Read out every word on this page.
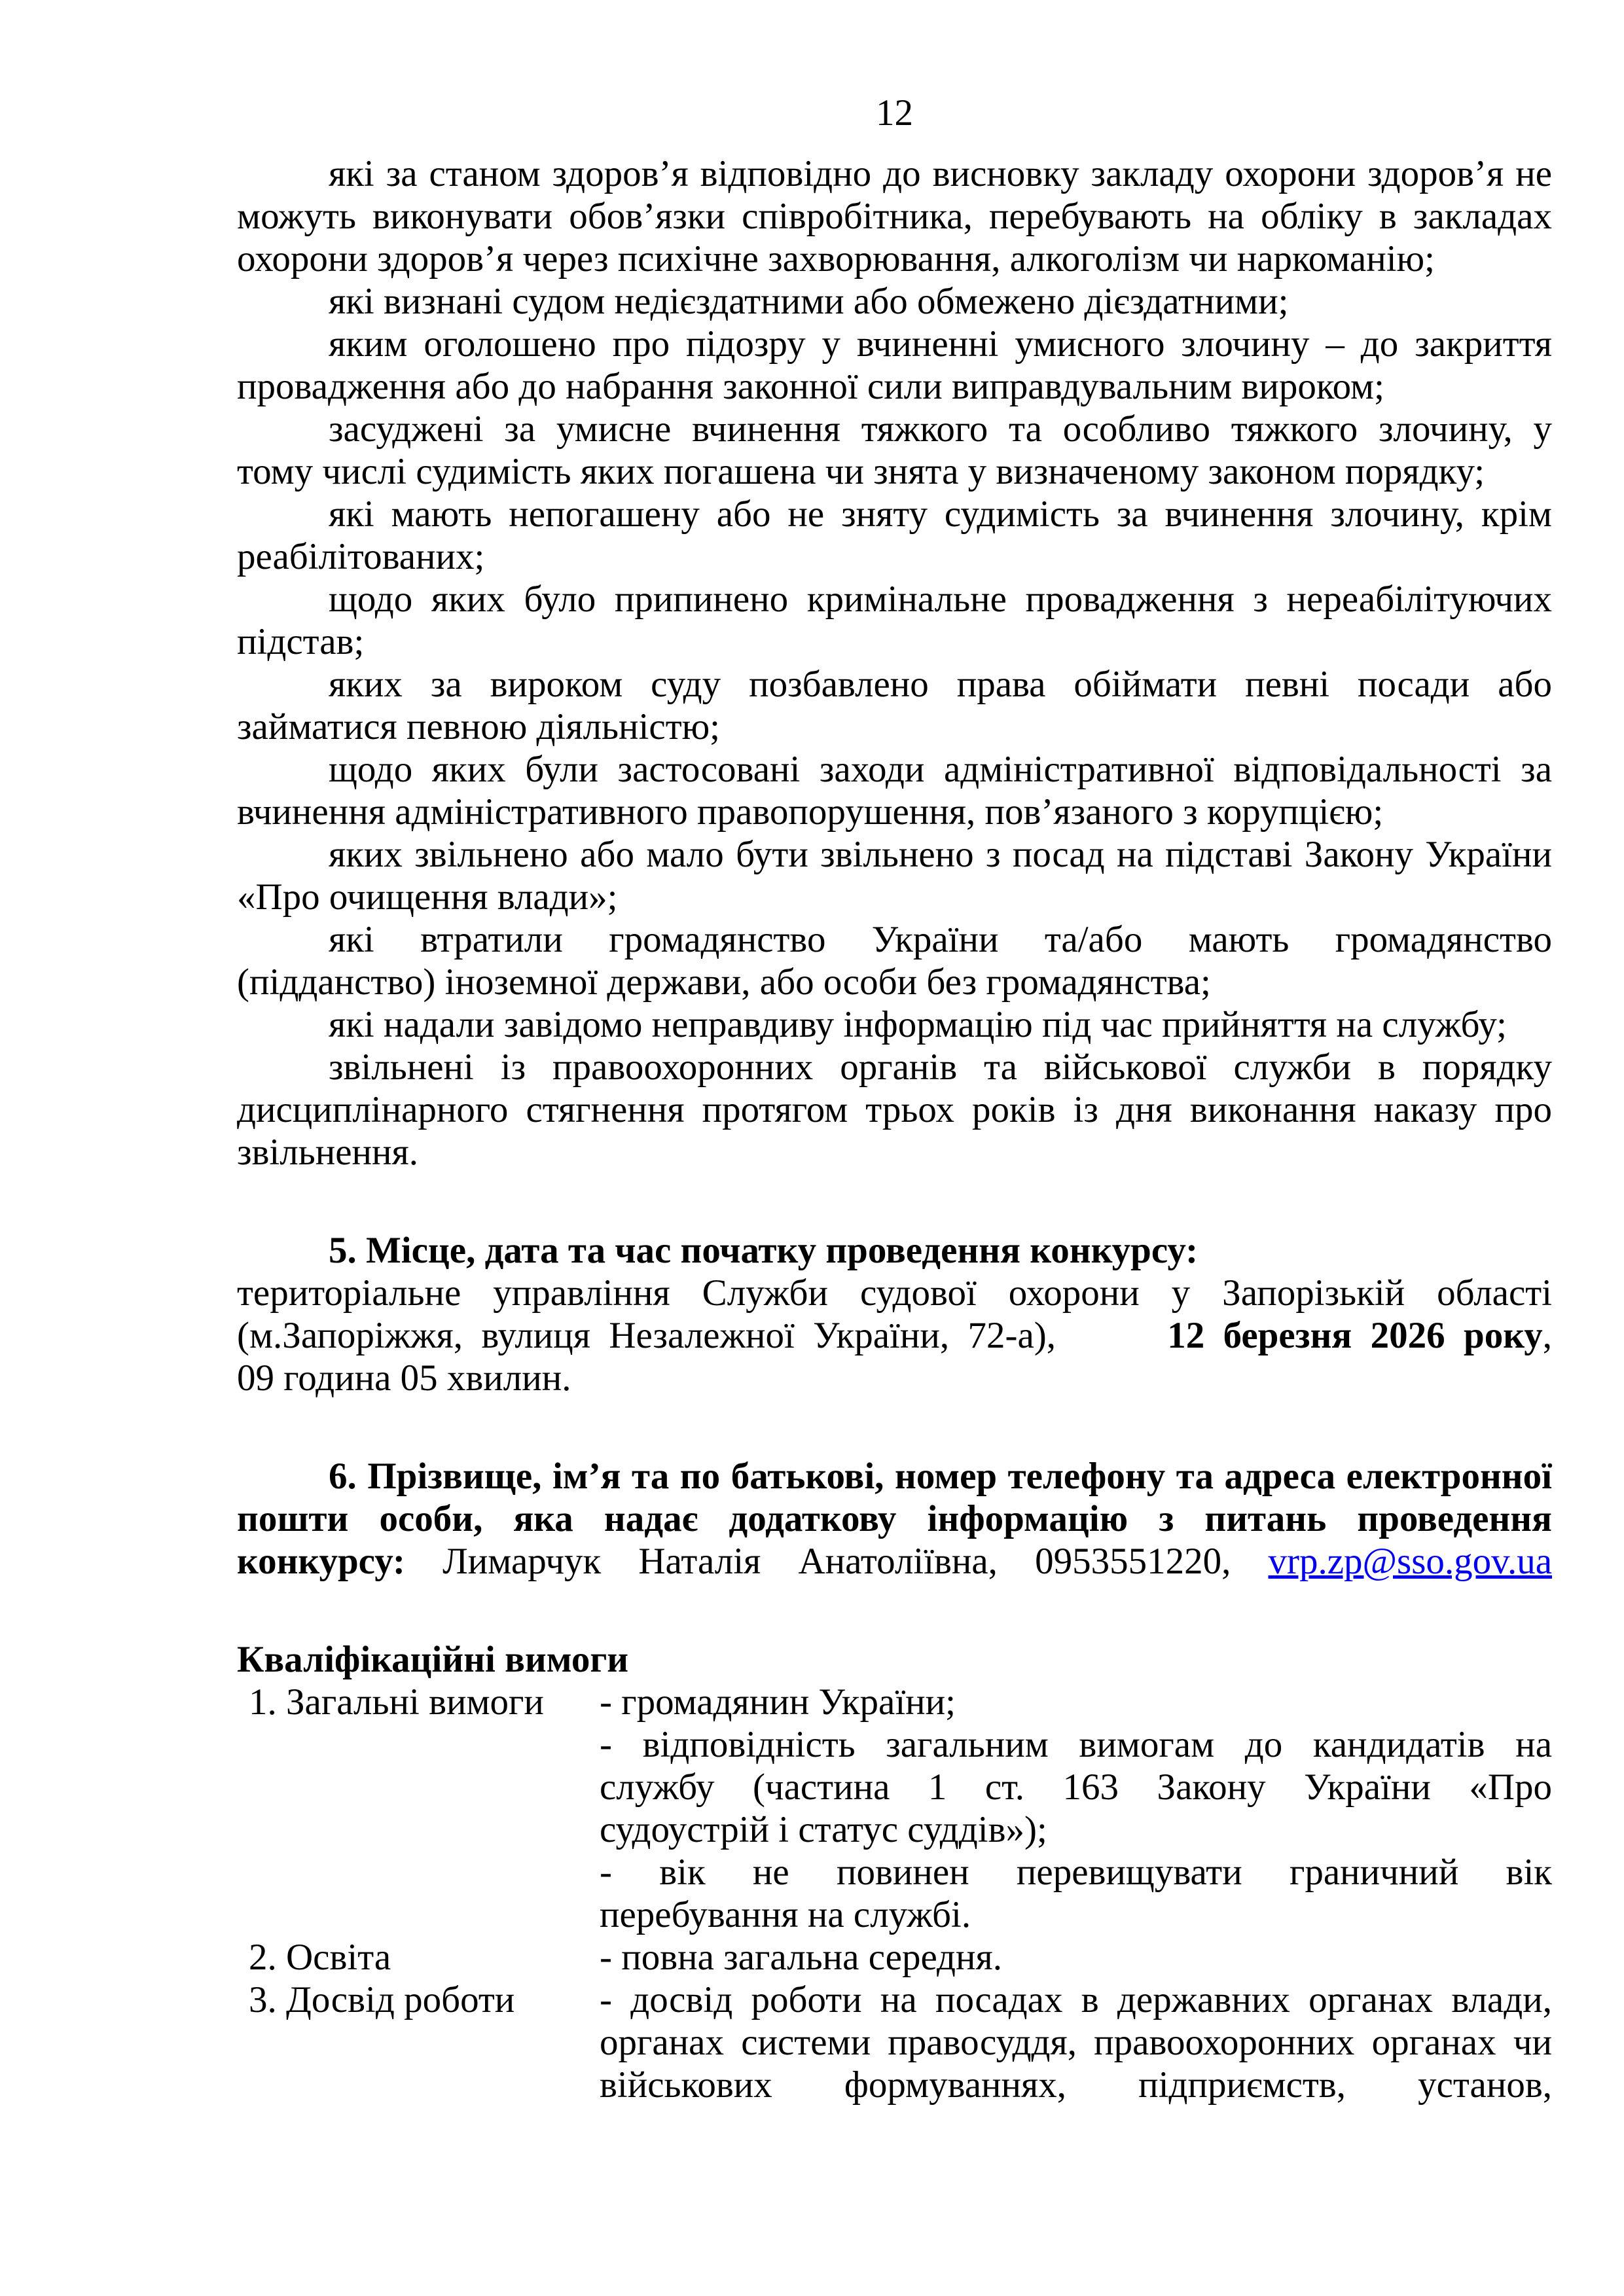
12
які за станом здоров’я відповідно до висновку закладу охорони здоров’я не
можуть виконувати обов’язки співробітника, перебувають на обліку в закладах
охорони здоров’я через психічне захворювання, алкоголізм чи наркоманію;
які визнані судом недієздатними або обмежено дієздатними;
яким оголошено про підозру у вчиненні умисного злочину – до закриття
провадження або до набрання законної сили виправдувальним вироком;
засуджені за умисне вчинення тяжкого та особливо тяжкого злочину, у
тому числі судимість яких погашена чи знята у визначеному законом порядку;
які мають непогашену або не зняту судимість за вчинення злочину, крім
реабілітованих;
щодо яких було припинено кримінальне провадження з нереабілітуючих
підстав;
яких за вироком суду позбавлено права обіймати певні посади або
займатися певною діяльністю;
щодо яких були застосовані заходи адміністративної відповідальності за
вчинення адміністративного правопорушення, пов’язаного з корупцією;
яких звільнено або мало бути звільнено з посад на підставі Закону України
«Про очищення влади»;
які втратили громадянство України та/або мають громадянство
(підданство) іноземної держави, або особи без громадянства;
які надали завідомо неправдиву інформацію під час прийняття на службу;
звільнені із правоохоронних органів та військової служби в порядку
дисциплінарного стягнення протягом трьох років із дня виконання наказу про
звільнення.
5. Місце, дата та час початку проведення конкурсу:
територіальне управління Служби судової охорони у Запорізькій області
(м.Запоріжжя, вулиця Незалежної України, 72-а),      12 березня 2026 року,
09 година 05 хвилин.
6. Прізвище, ім’я та по батькові, номер телефону та адреса електронної
пошти особи, яка надає додаткову інформацію з питань проведення
конкурсу: Лимарчук Наталія Анатоліївна, 0953551220, vrp.zp@sso.gov.ua
Кваліфікаційні вимоги
1. Загальні вимоги	- громадянин України;
- відповідність загальним вимогам до кандидатів на
службу (частина 1 ст. 163 Закону України «Про
судоустрій і статус суддів»);
- вік не повинен перевищувати граничний вік
перебування на службі.
2. Освіта	- повна загальна середня.
3. Досвід роботи	- досвід роботи на посадах в державних органах влади,
органах системи правосуддя, правоохоронних органах чи
військових формуваннях, підприємств, установ,
